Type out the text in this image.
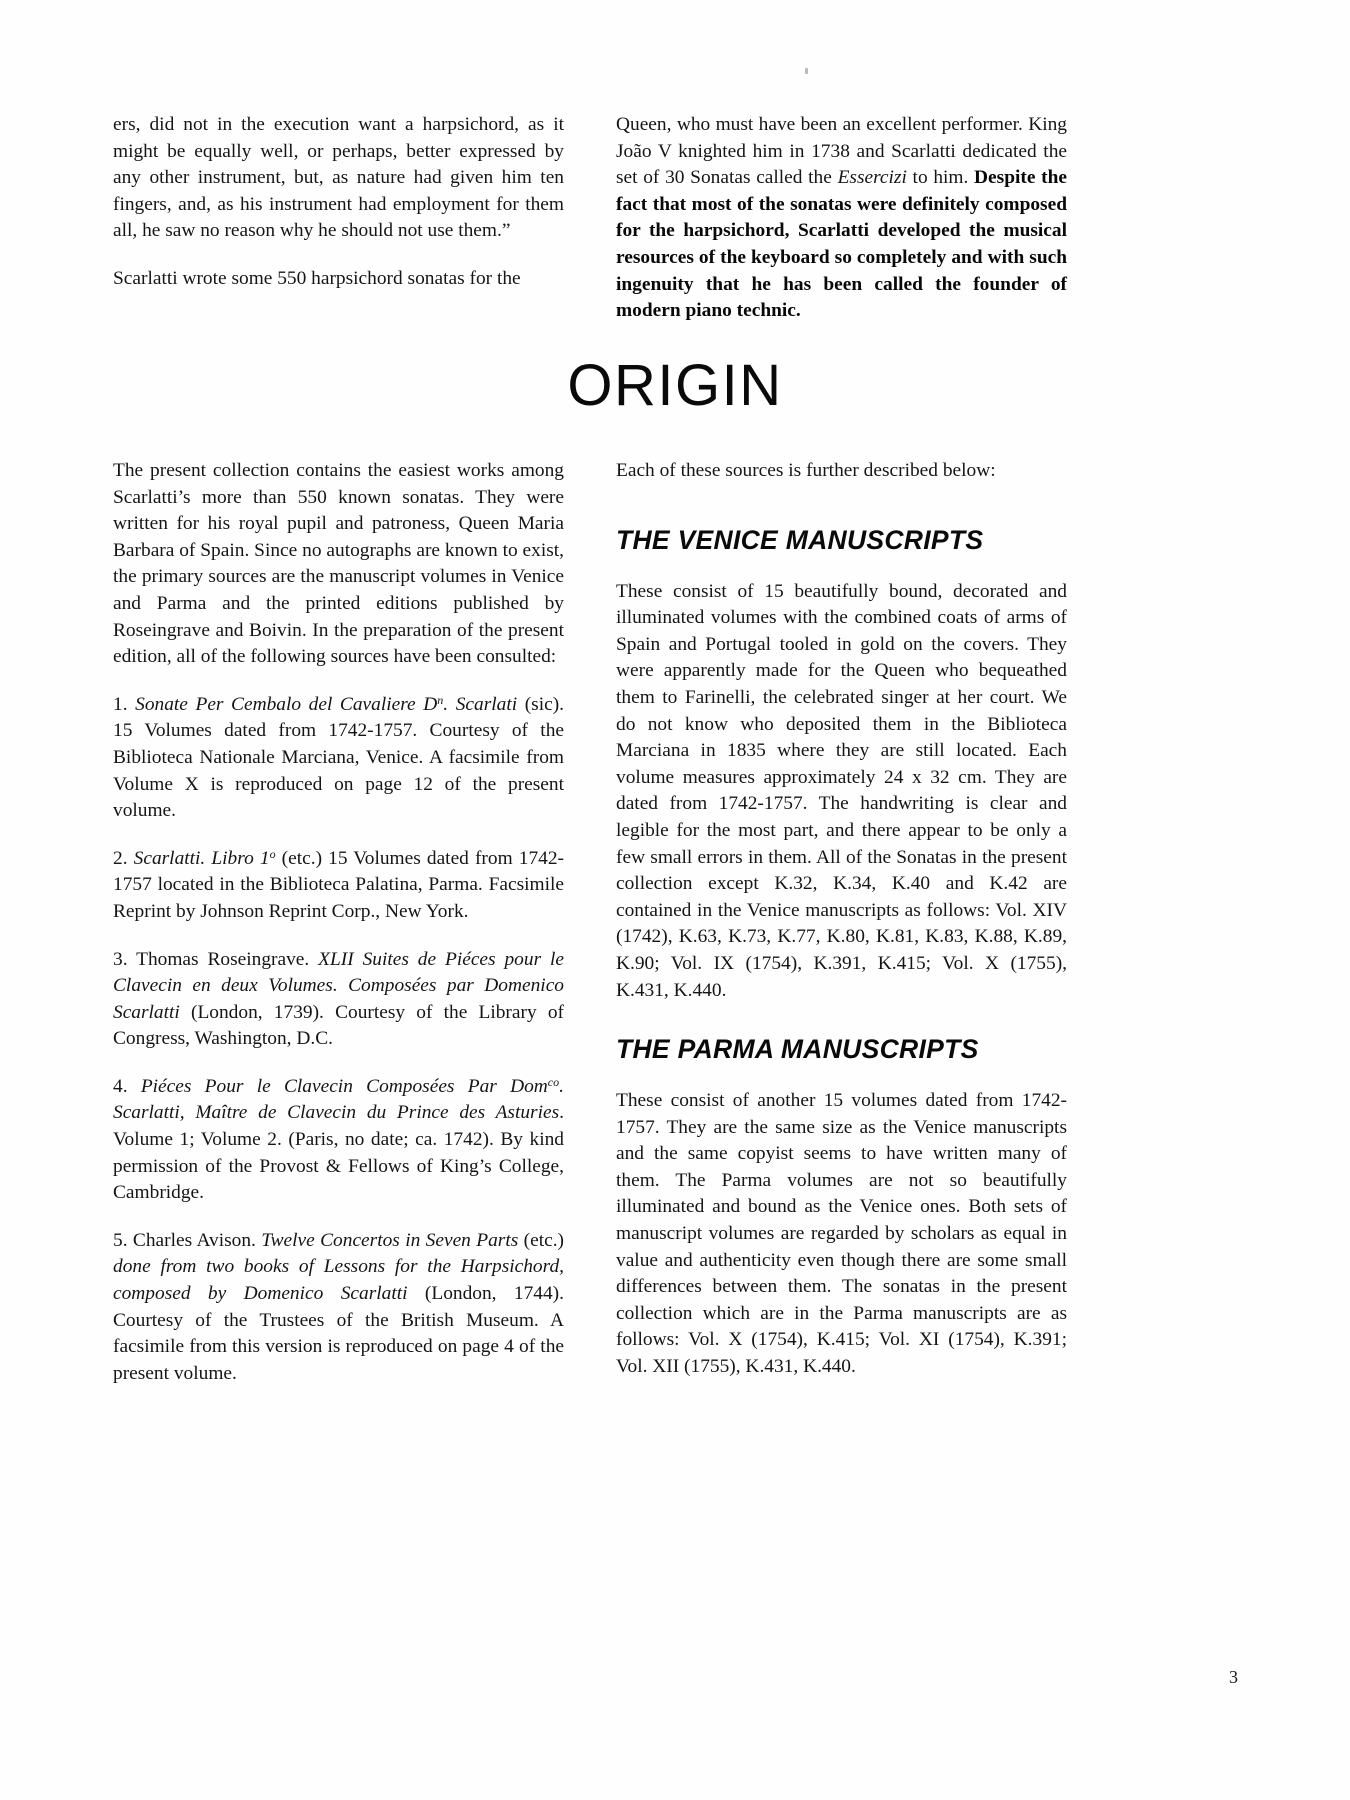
ers, did not in the execution want a harpsichord, as it might be equally well, or perhaps, better expressed by any other instrument, but, as nature had given him ten fingers, and, as his instrument had employment for them all, he saw no reason why he should not use them.”

Scarlatti wrote some 550 harpsichord sonatas for the

Queen, who must have been an excellent performer. King João V knighted him in 1738 and Scarlatti dedicated the set of 30 Sonatas called the Essercizi to him. Despite the fact that most of the sonatas were definitely composed for the harpsichord, Scarlatti developed the musical resources of the keyboard so completely and with such ingenuity that he has been called the founder of modern piano technic.

ORIGIN

The present collection contains the easiest works among Scarlatti’s more than 550 known sonatas. They were written for his royal pupil and patroness, Queen Maria Barbara of Spain. Since no autographs are known to exist, the primary sources are the manuscript volumes in Venice and Parma and the printed editions published by Roseingrave and Boivin. In the preparation of the present edition, all of the following sources have been consulted:

1. Sonate Per Cembalo del Cavaliere $D^n$. Scarlati (sic). 15 Volumes dated from 1742-1757. Courtesy of the Biblioteca Nationale Marciana, Venice. A facsimile from Volume X is reproduced on page 12 of the present volume.

2. Scarlatti. Libro 1$^o$ (etc.) 15 Volumes dated from 1742-1757 located in the Biblioteca Palatina, Parma. Facsimile Reprint by Johnson Reprint Corp., New York.

3. Thomas Roseingrave. XLII Suites de Piéces pour le Clavecin en deux Volumes. Composées par Domenico Scarlatti (London, 1739). Courtesy of the Library of Congress, Washington, D.C.

4. Piéces Pour le Clavecin Composées Par Dom$^{co}$. Scarlatti, Maître de Clavecin du Prince des Asturies. Volume 1; Volume 2. (Paris, no date; ca. 1742). By kind permission of the Provost & Fellows of King’s College, Cambridge.

5. Charles Avison. Twelve Concertos in Seven Parts (etc.) done from two books of Lessons for the Harpsichord, composed by Domenico Scarlatti (London, 1744). Courtesy of the Trustees of the British Museum. A facsimile from this version is reproduced on page 4 of the present volume.

Each of these sources is further described below:

THE VENICE MANUSCRIPTS

These consist of 15 beautifully bound, decorated and illuminated volumes with the combined coats of arms of Spain and Portugal tooled in gold on the covers. They were apparently made for the Queen who bequeathed them to Farinelli, the celebrated singer at her court. We do not know who deposited them in the Biblioteca Marciana in 1835 where they are still located. Each volume measures approximately 24 x 32 cm. They are dated from 1742-1757. The handwriting is clear and legible for the most part, and there appear to be only a few small errors in them. All of the Sonatas in the present collection except K.32, K.34, K.40 and K.42 are contained in the Venice manuscripts as follows: Vol. XIV (1742), K.63, K.73, K.77, K.80, K.81, K.83, K.88, K.89, K.90; Vol. IX (1754), K.391, K.415; Vol. X (1755), K.431, K.440.

THE PARMA MANUSCRIPTS

These consist of another 15 volumes dated from 1742-1757. They are the same size as the Venice manuscripts and the same copyist seems to have written many of them. The Parma volumes are not so beautifully illuminated and bound as the Venice ones. Both sets of manuscript volumes are regarded by scholars as equal in value and authenticity even though there are some small differences between them. The sonatas in the present collection which are in the Parma manuscripts are as follows: Vol. X (1754), K.415; Vol. XI (1754), K.391; Vol. XII (1755), K.431, K.440.

3
